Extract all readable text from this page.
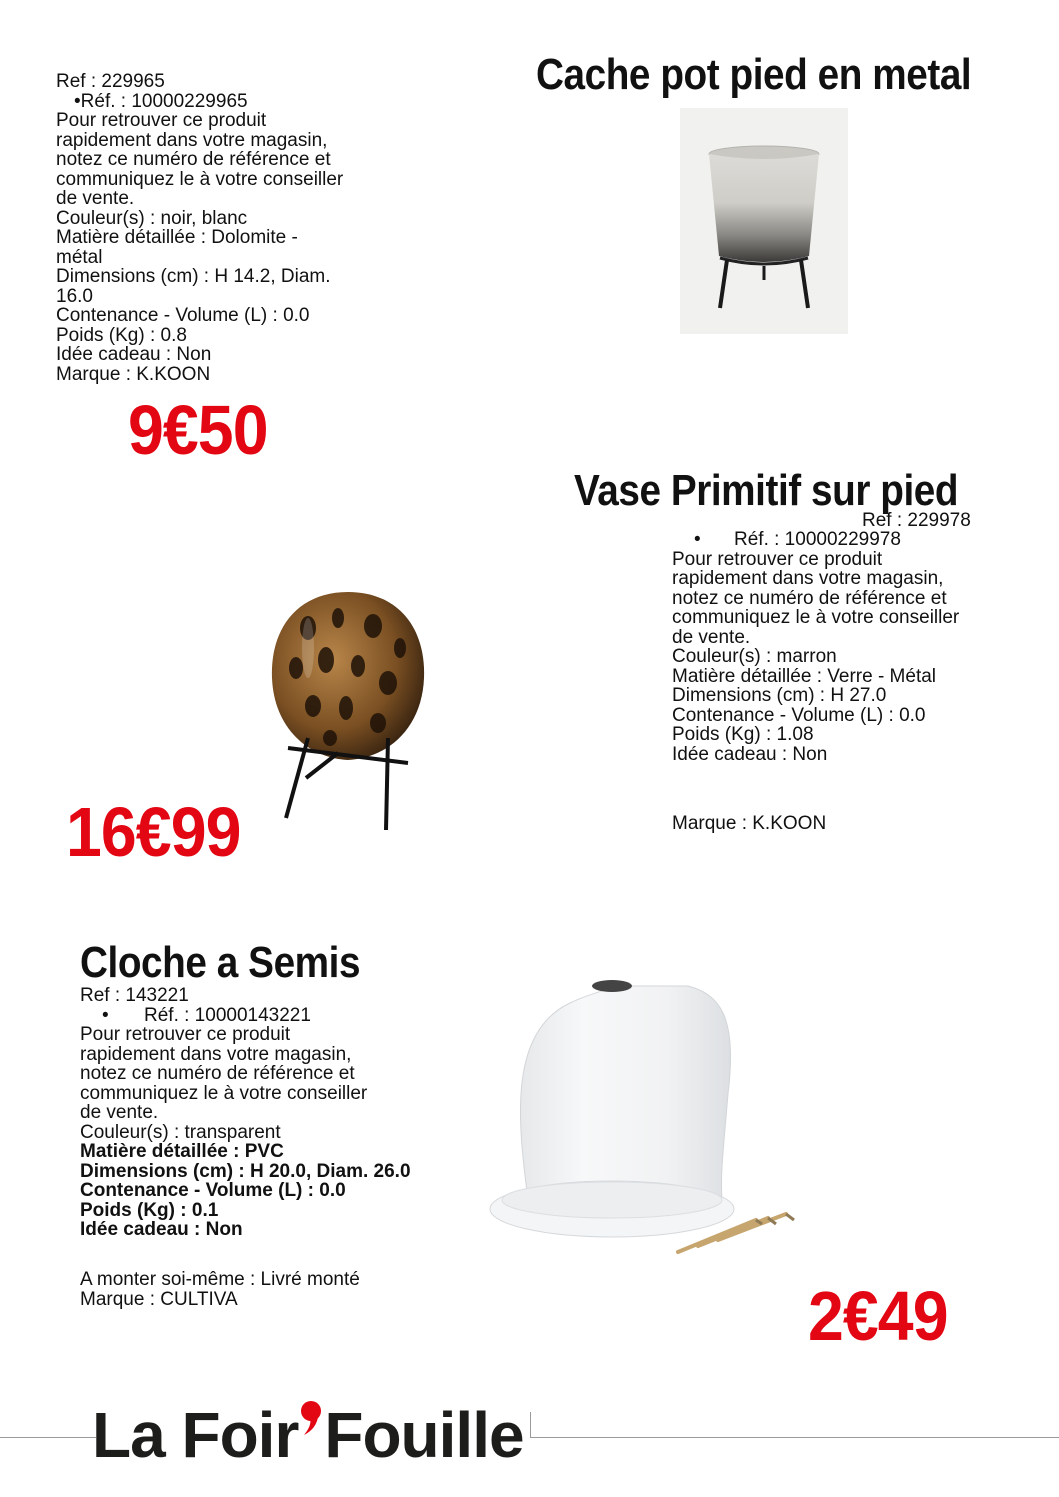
Cache pot pied en metal
Ref : 229965
•Réf. : 10000229965
Pour retrouver ce produit
rapidement dans votre magasin,
notez ce numéro de référence et
communiquez le à votre conseiller
de vente.
Couleur(s) : noir, blanc
Matière détaillée : Dolomite -
métal
Dimensions (cm) : H 14.2, Diam.
16.0
Contenance - Volume (L) : 0.0
Poids (Kg) : 0.8
Idée cadeau : Non
Marque : K.KOON
9€50
Vase Primitif sur pied
Ref : 229978
• Réf. : 10000229978
Pour retrouver ce produit
rapidement dans votre magasin,
notez ce numéro de référence et
communiquez le à votre conseiller
de vente.
Couleur(s) : marron
Matière détaillée : Verre - Métal
Dimensions (cm) : H 27.0
Contenance - Volume (L) : 0.0
Poids (Kg) : 1.08
Idée cadeau : Non
Marque : K.KOON
16€99
Cloche a Semis
Ref : 143221
• Réf. : 10000143221
Pour retrouver ce produit
rapidement dans votre magasin,
notez ce numéro de référence et
communiquez le à votre conseiller
de vente.
Couleur(s) : transparent
Matière détaillée : PVC
Dimensions (cm) : H 20.0, Diam. 26.0
Contenance - Volume (L) : 0.0
Poids (Kg) : 0.1
Idée cadeau : Non
A monter soi-même : Livré monté
Marque : CULTIVA	2€49
La Foir Fouille
